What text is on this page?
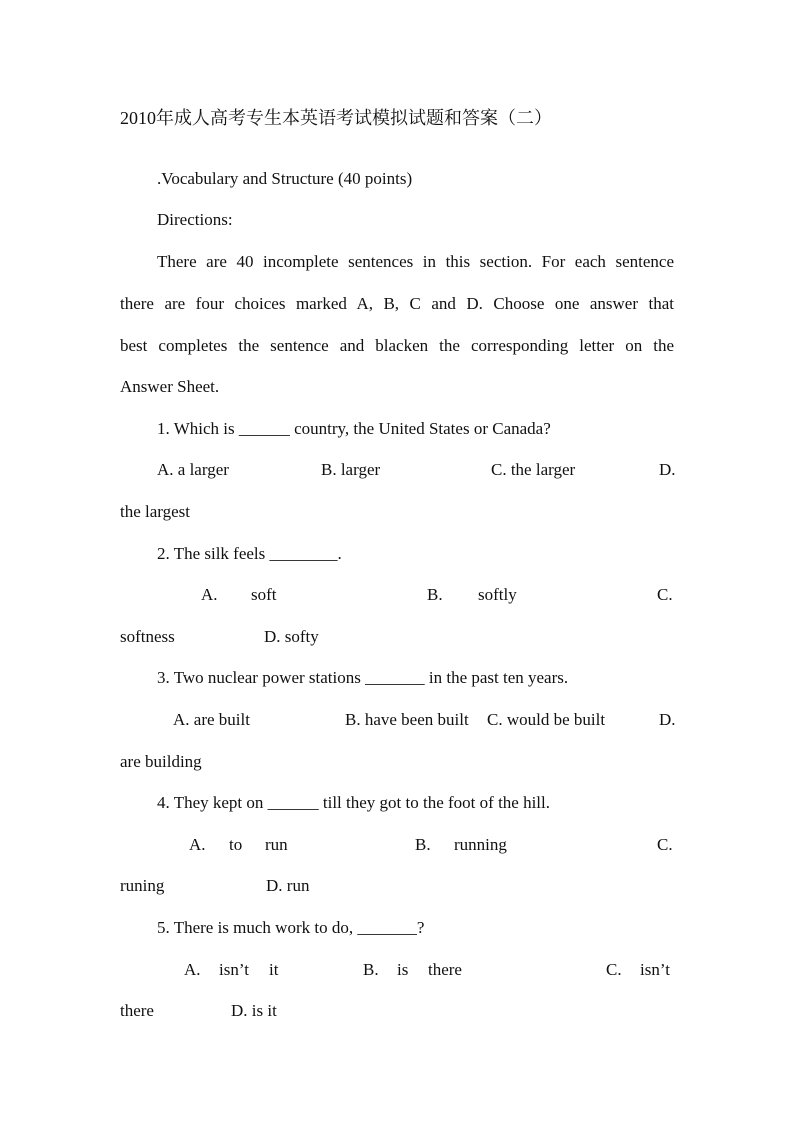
2010年成人高考专生本英语考试模拟试题和答案（二）
.Vocabulary and Structure (40 points)
Directions:
There are 40 incomplete sentences in this section. For each sentence
there are four choices marked A, B, C and D. Choose one answer that
best completes the sentence and blacken the corresponding letter on the
Answer Sheet.
1. Which is ______ country, the United States or Canada?
A. a larger	B. larger	C. the larger	D.
the largest
2. The silk feels ________.
A. soft	B. softly	C.
softness	D. softy
3. Two nuclear power stations _______ in the past ten years.
A. are built	B. have been built C. would be built	D.
are building
4. They kept on ______ till they got to the foot of the hill.
A. to run	B. running	C.
runing	D. run
5. There is much work to do, _______?
A. isn’t it	B. is there	C. isn’t
there	D. is it
